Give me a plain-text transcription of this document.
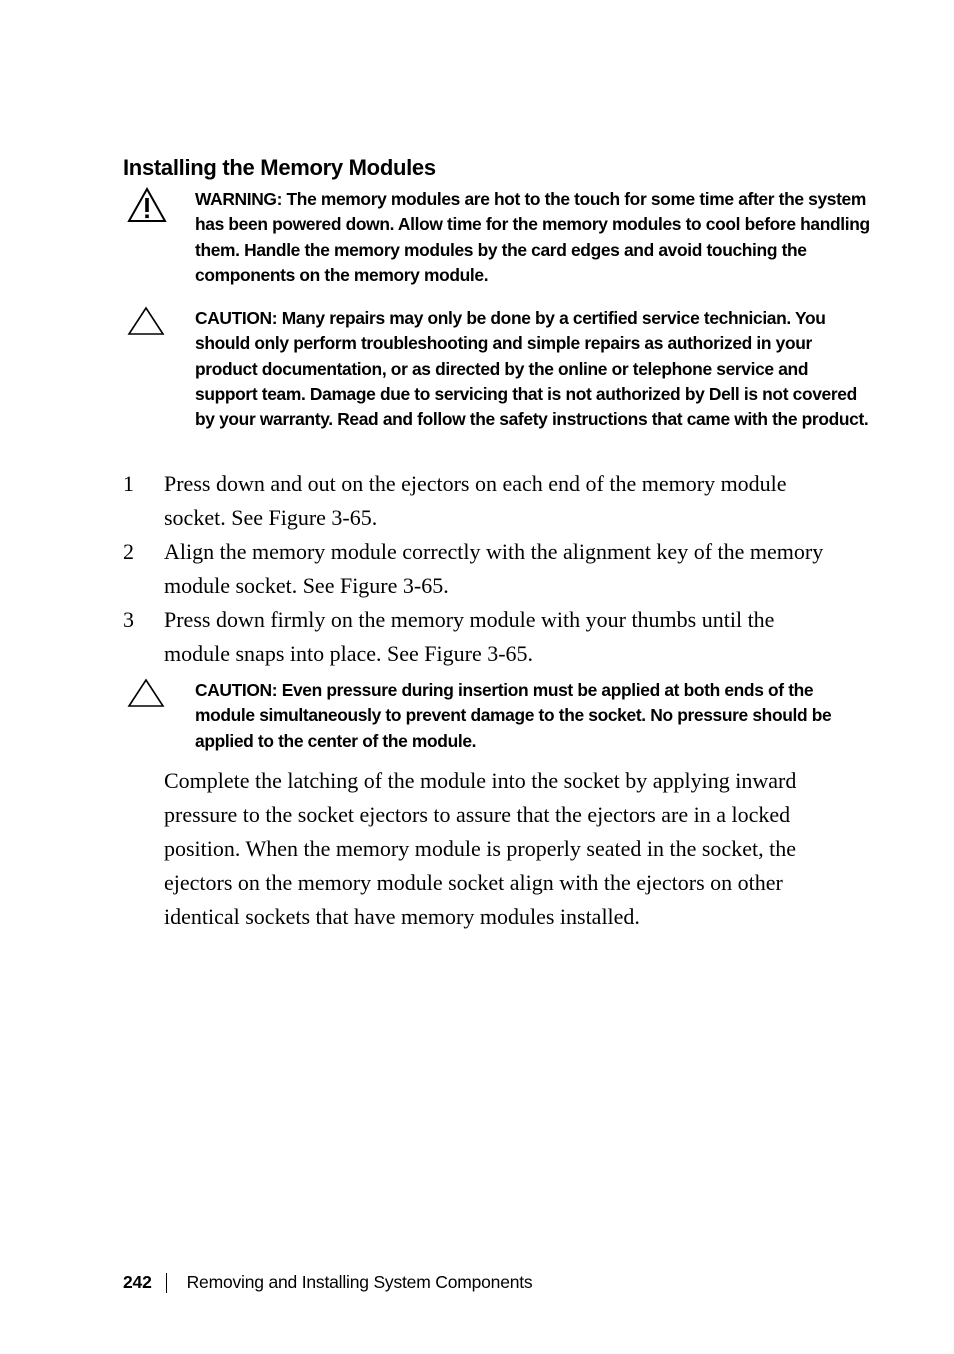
Installing the Memory Modules
WARNING: The memory modules are hot to the touch for some time after the system has been powered down. Allow time for the memory modules to cool before handling them. Handle the memory modules by the card edges and avoid touching the components on the memory module.
CAUTION: Many repairs may only be done by a certified service technician. You should only perform troubleshooting and simple repairs as authorized in your product documentation, or as directed by the online or telephone service and support team. Damage due to servicing that is not authorized by Dell is not covered by your warranty. Read and follow the safety instructions that came with the product.
1 Press down and out on the ejectors on each end of the memory module socket. See Figure 3-65.
2 Align the memory module correctly with the alignment key of the memory module socket. See Figure 3-65.
3 Press down firmly on the memory module with your thumbs until the module snaps into place. See Figure 3-65.
CAUTION: Even pressure during insertion must be applied at both ends of the module simultaneously to prevent damage to the socket. No pressure should be applied to the center of the module.
Complete the latching of the module into the socket by applying inward pressure to the socket ejectors to assure that the ejectors are in a locked position. When the memory module is properly seated in the socket, the ejectors on the memory module socket align with the ejectors on other identical sockets that have memory modules installed.
242 Removing and Installing System Components
